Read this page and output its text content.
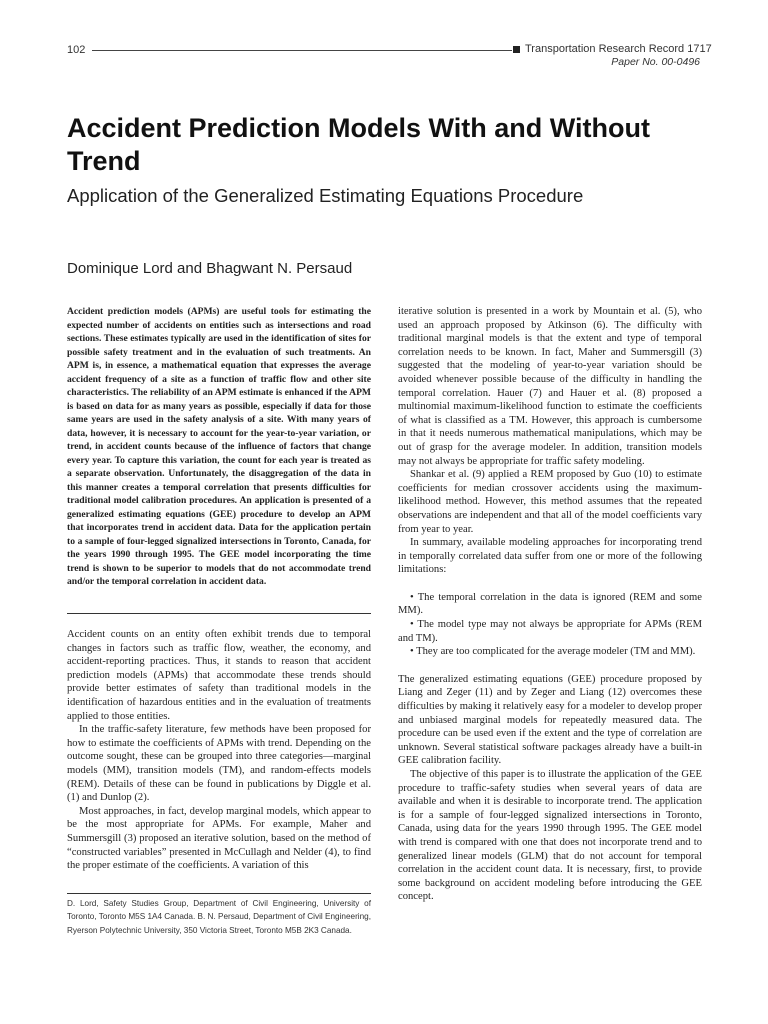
102	Transportation Research Record 1717
Paper No. 00-0496
Accident Prediction Models With and Without Trend
Application of the Generalized Estimating Equations Procedure
Dominique Lord and Bhagwant N. Persaud
Accident prediction models (APMs) are useful tools for estimating the expected number of accidents on entities such as intersections and road sections. These estimates typically are used in the identification of sites for possible safety treatment and in the evaluation of such treatments. An APM is, in essence, a mathematical equation that expresses the average accident frequency of a site as a function of traffic flow and other site characteristics. The reliability of an APM estimate is enhanced if the APM is based on data for as many years as possible, especially if data for those same years are used in the safety analysis of a site. With many years of data, however, it is necessary to account for the year-to-year variation, or trend, in accident counts because of the influence of factors that change every year. To capture this variation, the count for each year is treated as a separate observation. Unfortunately, the disaggregation of the data in this manner creates a temporal correlation that presents difficulties for traditional model calibration procedures. An application is presented of a generalized estimating equations (GEE) procedure to develop an APM that incorporates trend in accident data. Data for the application pertain to a sample of four-legged signalized intersections in Toronto, Canada, for the years 1990 through 1995. The GEE model incorporating the time trend is shown to be superior to models that do not accommodate trend and/or the temporal correlation in accident data.

Accident counts on an entity often exhibit trends due to temporal changes in factors such as traffic flow, weather, the economy, and accident-reporting practices. Thus, it stands to reason that accident prediction models (APMs) that accommodate these trends should provide better estimates of safety than traditional models in the identification of hazardous entities and in the evaluation of treatments applied to those entities.

In the traffic-safety literature, few methods have been proposed for how to estimate the coefficients of APMs with trend. Depending on the outcome sought, these can be grouped into three categories—marginal models (MM), transition models (TM), and random-effects models (REM). Details of these can be found in publications by Diggle et al. (1) and Dunlop (2).

Most approaches, in fact, develop marginal models, which appear to be the most appropriate for APMs. For example, Maher and Summersgill (3) proposed an iterative solution, based on the method of “constructed variables” presented in McCullagh and Nelder (4), to find the proper estimate of the coefficients. A variation of this

D. Lord, Safety Studies Group, Department of Civil Engineering, University of Toronto, Toronto M5S 1A4 Canada. B. N. Persaud, Department of Civil Engineering, Ryerson Polytechnic University, 350 Victoria Street, Toronto M5B 2K3 Canada.

iterative solution is presented in a work by Mountain et al. (5), who used an approach proposed by Atkinson (6). The difficulty with traditional marginal models is that the extent and type of temporal correlation needs to be known. In fact, Maher and Summersgill (3) suggested that the modeling of year-to-year variation should be avoided whenever possible because of the difficulty in handling the temporal correlation. Hauer (7) and Hauer et al. (8) proposed a multinomial maximum-likelihood function to estimate the coefficients of what is classified as a TM. However, this approach is cumbersome in that it needs numerous mathematical manipulations, which may be out of grasp for the average modeler. In addition, transition models may not always be appropriate for traffic safety modeling.

Shankar et al. (9) applied a REM proposed by Guo (10) to estimate coefficients for median crossover accidents using the maximum-likelihood method. However, this method assumes that the repeated observations are independent and that all of the model coefficients vary from year to year.

In summary, available modeling approaches for incorporating trend in temporally correlated data suffer from one or more of the following limitations:

• The temporal correlation in the data is ignored (REM and some MM).
• The model type may not always be appropriate for APMs (REM and TM).
• They are too complicated for the average modeler (TM and MM).

The generalized estimating equations (GEE) procedure proposed by Liang and Zeger (11) and by Zeger and Liang (12) overcomes these difficulties by making it relatively easy for a modeler to develop proper and unbiased marginal models for repeatedly measured data. The procedure can be used even if the extent and the type of correlation are unknown. Several statistical software packages already have a built-in GEE calibration facility.

The objective of this paper is to illustrate the application of the GEE procedure to traffic-safety studies when several years of data are available and when it is desirable to incorporate trend. The application is for a sample of four-legged signalized intersections in Toronto, Canada, using data for the years 1990 through 1995. The GEE model with trend is compared with one that does not incorporate trend and to generalized linear models (GLM) that do not account for temporal correlation in the accident count data. It is necessary, first, to provide some background on accident modeling before introducing the GEE concept.
